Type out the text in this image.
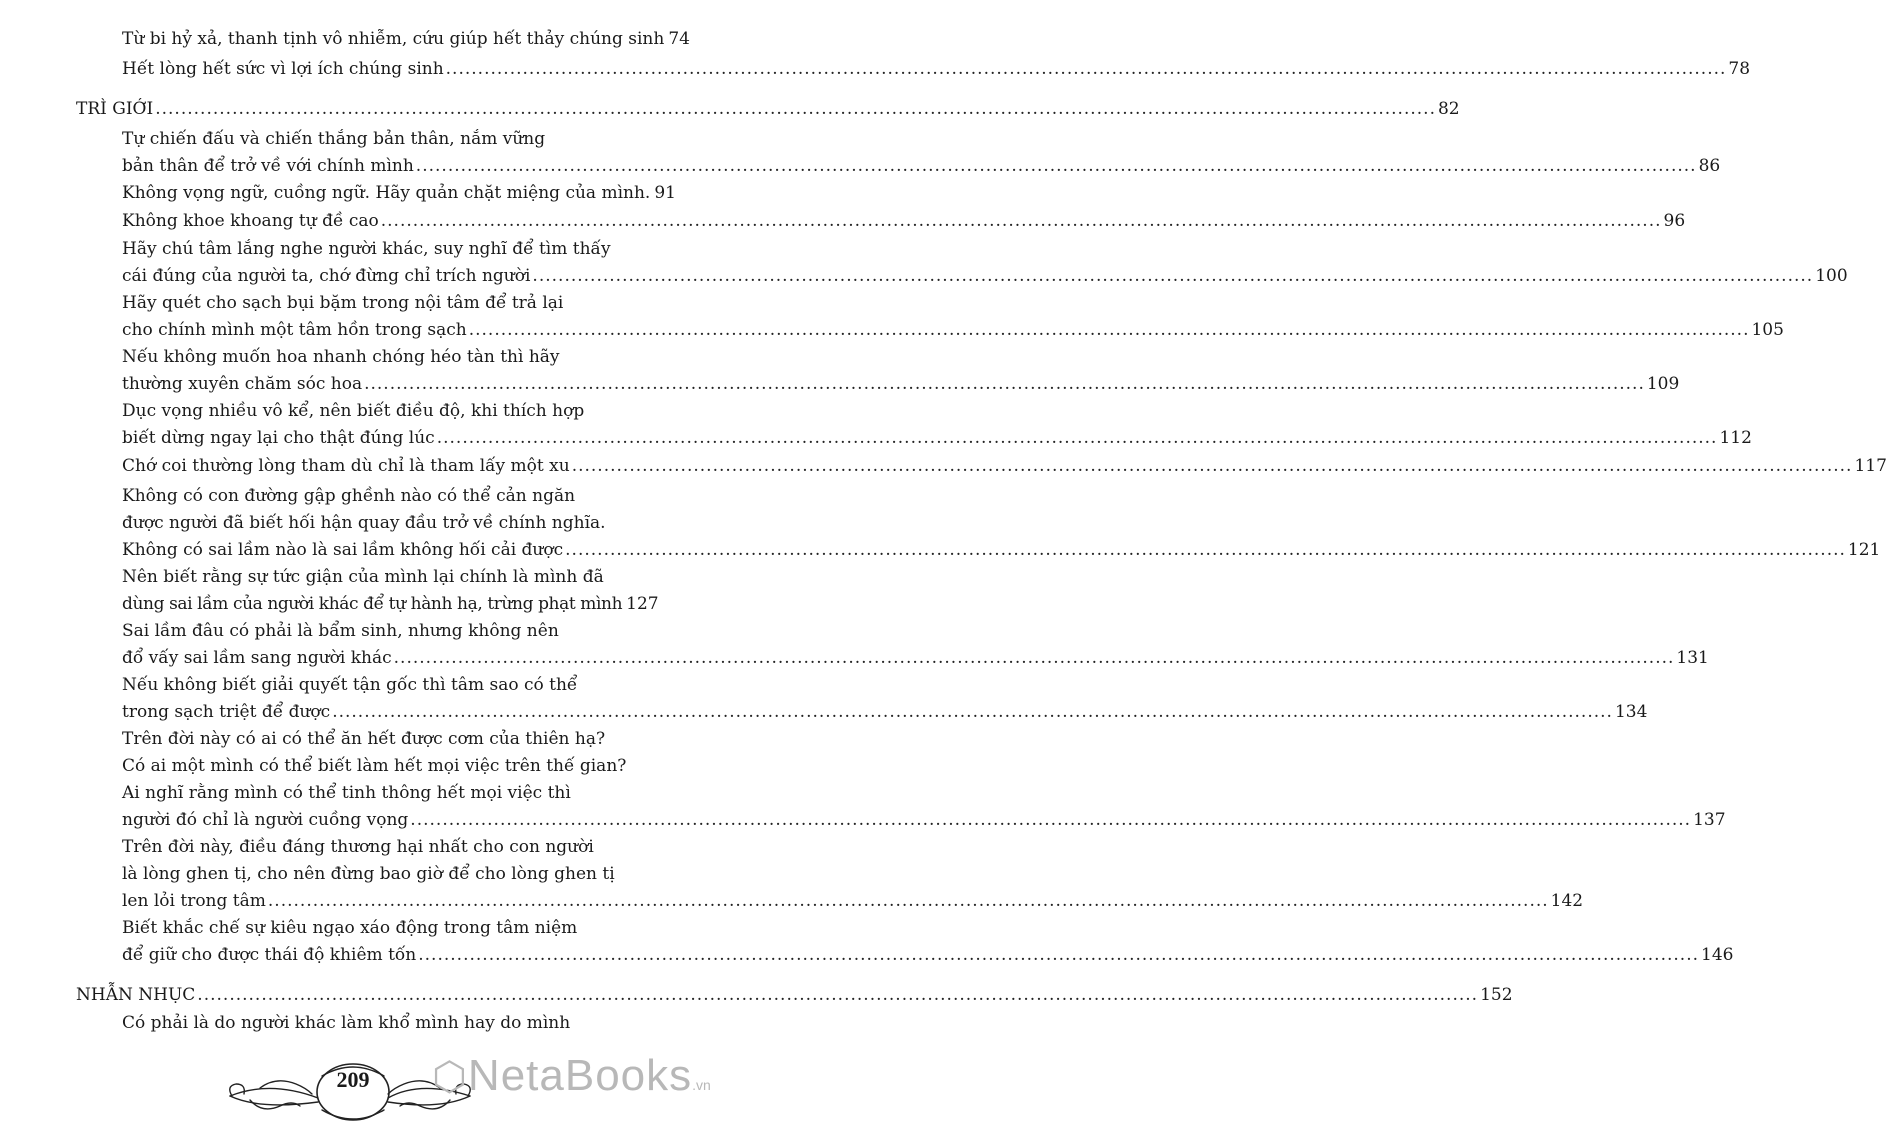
Từ bi hỷ xả, thanh tịnh vô nhiễm, cứu giúp hết thảy chúng sinh 74
Hết lòng hết sức vì lợi ích chúng sinh .....	78
TRÌ GIỚI .....	82
Tự chiến đấu và chiến thắng bản thân, nắm vững
bản thân để trở về với chính mình .....	86
Không vọng ngữ, cuồng ngữ. Hãy quản chặt miệng của mình. 91
Không khoe khoang tự đề cao .....	96
Hãy chú tâm lắng nghe người khác, suy nghĩ để tìm thấy
cái đúng của người ta, chớ đừng chỉ trích người .....	100
Hãy quét cho sạch bụi bặm trong nội tâm để trả lại
cho chính mình một tâm hồn trong sạch .....	105
Nếu không muốn hoa nhanh chóng héo tàn thì hãy
thường xuyên chăm sóc hoa .....	109
Dục vọng nhiều vô kể, nên biết điều độ, khi thích hợp
biết dừng ngay lại cho thật đúng lúc .....	112
Chớ coi thường lòng tham dù chỉ là tham lấy một xu .....	117
Không có con đường gập ghềnh nào có thể cản ngăn
được người đã biết hối hận quay đầu trở về chính nghĩa.
Không có sai lầm nào là sai lầm không hối cải được .....	121
Nên biết rằng sự tức giận của mình lại chính là mình đã
dùng sai lầm của người khác để tự hành hạ, trừng phạt mình 127
Sai lầm đâu có phải là bẩm sinh, nhưng không nên
đổ vấy sai lầm sang người khác .....	131
Nếu không biết giải quyết tận gốc thì tâm sao có thể
trong sạch triệt để được .....	134
Trên đời này có ai có thể ăn hết được cơm của thiên hạ?
Có ai một mình có thể biết làm hết mọi việc trên thế gian?
Ai nghĩ rằng mình có thể tinh thông hết mọi việc thì
người đó chỉ là người cuồng vọng .....	137
Trên đời này, điều đáng thương hại nhất cho con người
là lòng ghen tị, cho nên đừng bao giờ để cho lòng ghen tị
len lỏi trong tâm .....	142
Biết khắc chế sự kiêu ngạo xáo động trong tâm niệm
để giữ cho được thái độ khiêm tốn .....	146
NHẪN NHỤC .....	152
Có phải là do người khác làm khổ mình hay do mình
209	⬡NetaBooks.vn
